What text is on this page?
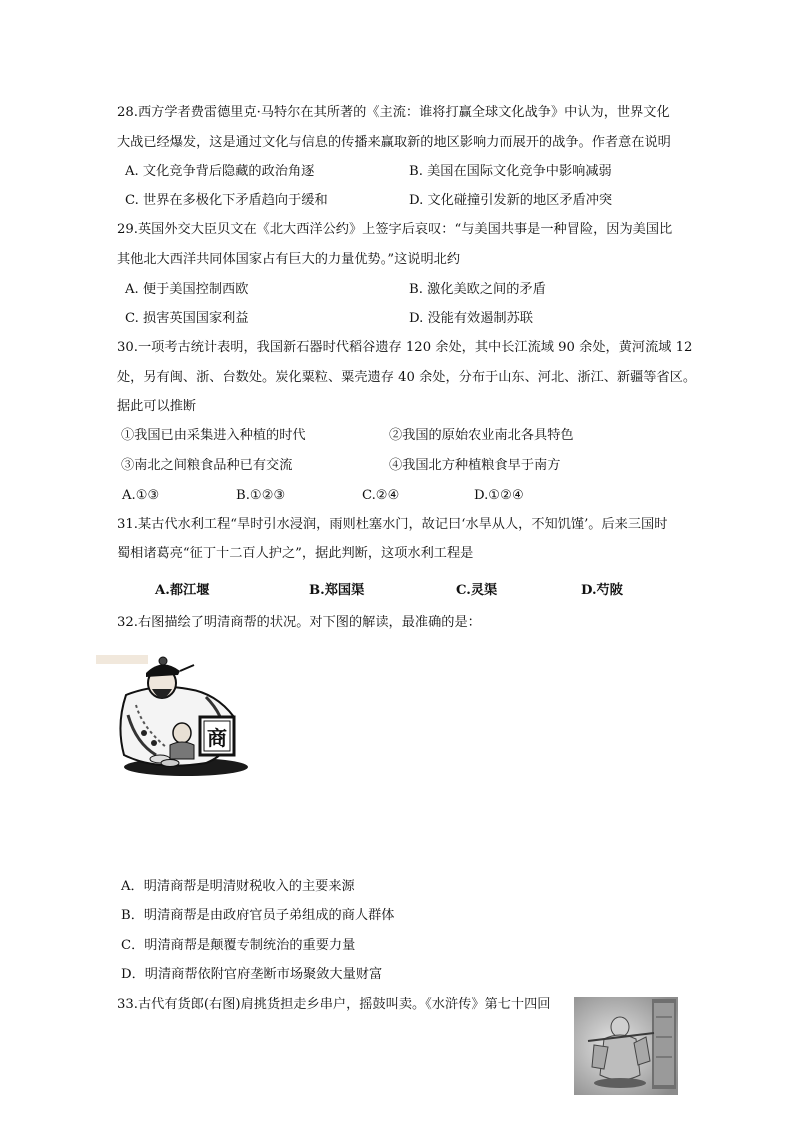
28.西方学者费雷德里克·马特尔在其所著的《主流：谁将打赢全球文化战争》中认为，世界文化
大战已经爆发，这是通过文化与信息的传播来赢取新的地区影响力而展开的战争。作者意在说明
A. 文化竞争背后隐藏的政治角逐	B. 美国在国际文化竞争中影响减弱
C. 世界在多极化下矛盾趋向于缓和	D. 文化碰撞引发新的地区矛盾冲突
29.英国外交大臣贝文在《北大西洋公约》上签字后哀叹：“与美国共事是一种冒险，因为美国比
其他北大西洋共同体国家占有巨大的力量优势。”这说明北约
A. 便于美国控制西欧	B. 激化美欧之间的矛盾
C. 损害英国国家利益	D. 没能有效遏制苏联
30.一项考古统计表明，我国新石器时代稻谷遗存 120 余处，其中长江流域 90 余处，黄河流域 12
处，另有闽、浙、台数处。炭化粟粒、粟壳遗存 40 余处，分布于山东、河北、浙江、新疆等省区。
据此可以推断
①我国已由采集进入种植的时代	②我国的原始农业南北各具特色
③南北之间粮食品种已有交流	④我国北方种植粮食早于南方
A.①③	B.①②③	C.②④	D.①②④
31.某古代水利工程“旱时引水浸润，雨则杜塞水门，故记曰‘水旱从人，不知饥馑’。后来三国时
蜀相诸葛亮“征丁十二百人护之”，据此判断，这项水利工程是
A.都江堰	B.郑国渠	C.灵渠	D.芍陂
32.右图描绘了明清商帮的状况。对下图的解读，最准确的是：
商
A．明清商帮是明清财税收入的主要来源
B．明清商帮是由政府官员子弟组成的商人群体
C．明清商帮是颠覆专制统治的重要力量
D．明清商帮依附官府垄断市场聚敛大量财富
33.古代有货郎(右图)肩挑货担走乡串户，摇鼓叫卖。《水浒传》第七十四回
